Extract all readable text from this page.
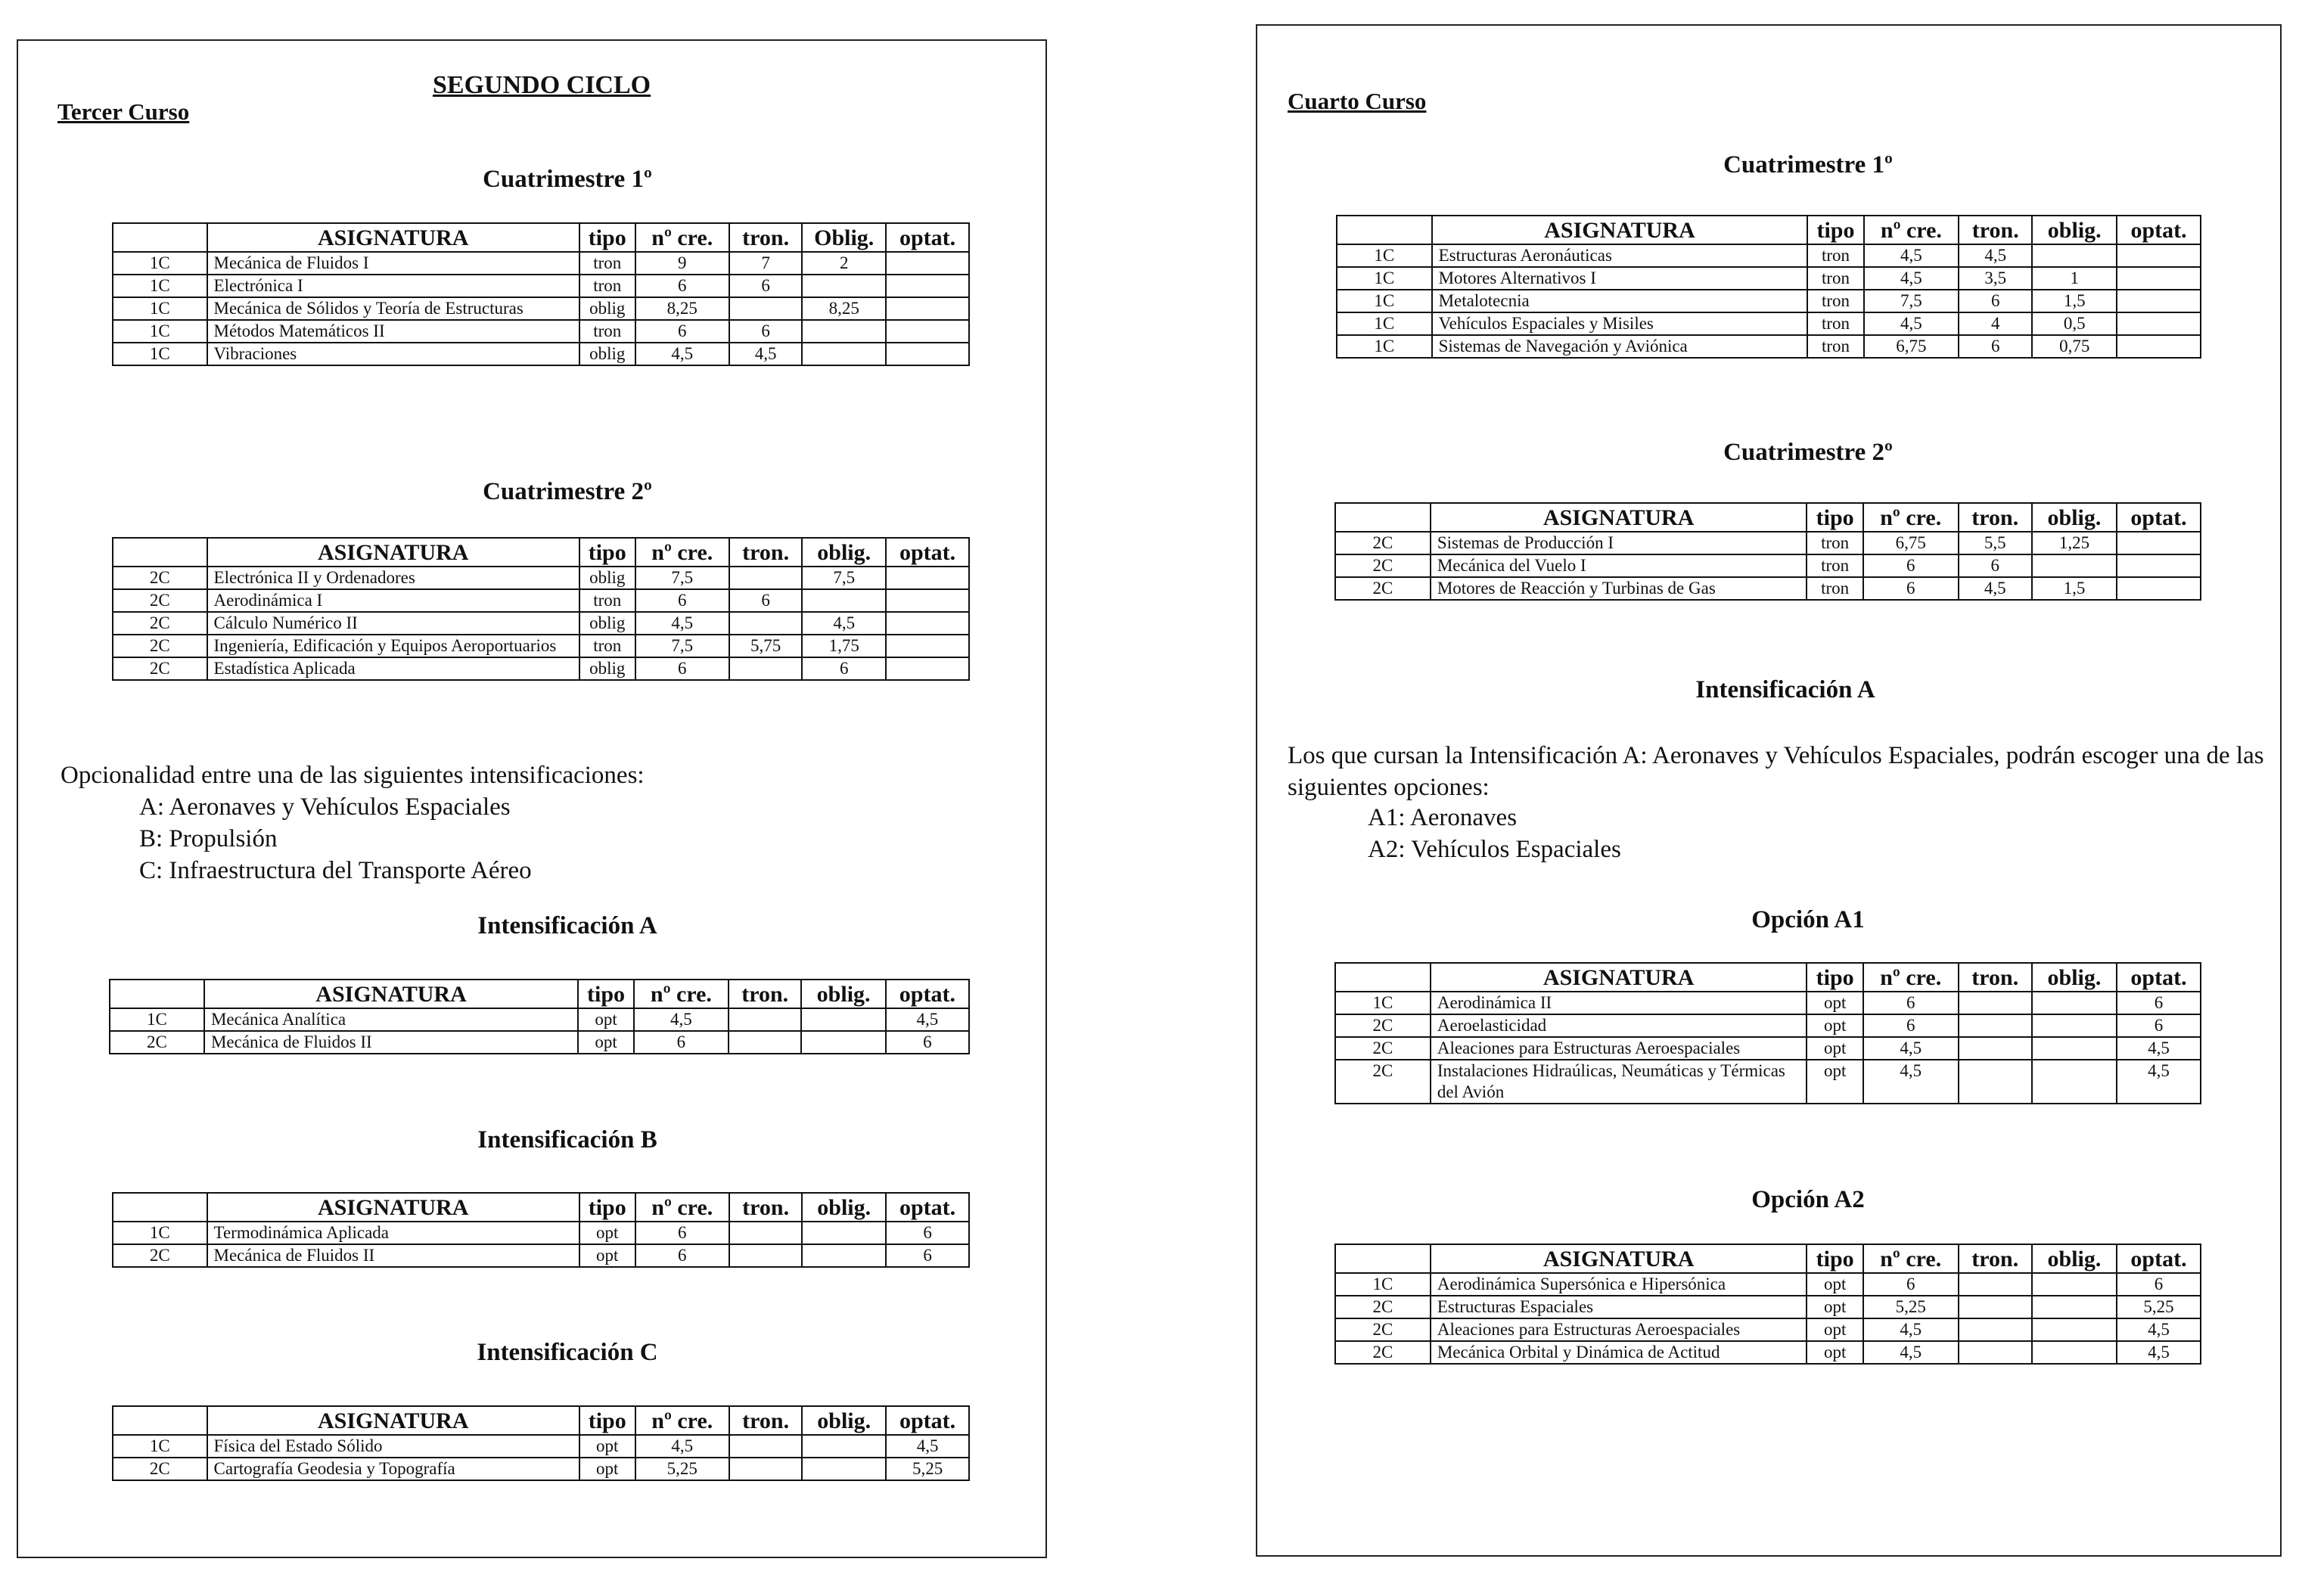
SEGUNDO CICLO
Tercer Curso
Cuatrimestre 1º
	ASIGNATURA	tipo	nº cre.	tron.	Oblig.	optat.
1C	Mecánica de Fluidos I	tron	9	7	2	
1C	Electrónica I	tron	6	6		
1C	Mecánica de Sólidos y Teoría de Estructuras	oblig	8,25		8,25	
1C	Métodos Matemáticos II	tron	6	6		
1C	Vibraciones	oblig	4,5	4,5		
Cuatrimestre 2º
	ASIGNATURA	tipo	nº cre.	tron.	oblig.	optat.
2C	Electrónica II y Ordenadores	oblig	7,5		7,5	
2C	Aerodinámica I	tron	6	6		
2C	Cálculo Numérico II	oblig	4,5		4,5	
2C	Ingeniería, Edificación y Equipos Aeroportuarios	tron	7,5	5,75	1,75	
2C	Estadística Aplicada	oblig	6		6	
Opcionalidad entre una de las siguientes intensificaciones:
A: Aeronaves y Vehículos Espaciales
B: Propulsión
C: Infraestructura del Transporte Aéreo
Intensificación A
	ASIGNATURA	tipo	nº cre.	tron.	oblig.	optat.
1C	Mecánica Analítica	opt	4,5			4,5
2C	Mecánica de Fluidos II	opt	6			6
Intensificación B
	ASIGNATURA	tipo	nº cre.	tron.	oblig.	optat.
1C	Termodinámica Aplicada	opt	6			6
2C	Mecánica de Fluidos II	opt	6			6
Intensificación C
	ASIGNATURA	tipo	nº cre.	tron.	oblig.	optat.
1C	Física del Estado Sólido	opt	4,5			4,5
2C	Cartografía Geodesia y Topografía	opt	5,25			5,25
Cuarto Curso
Cuatrimestre 1º
	ASIGNATURA	tipo	nº cre.	tron.	oblig.	optat.
1C	Estructuras Aeronáuticas	tron	4,5	4,5		
1C	Motores Alternativos I	tron	4,5	3,5	1	
1C	Metalotecnia	tron	7,5	6	1,5	
1C	Vehículos Espaciales y Misiles	tron	4,5	4	0,5	
1C	Sistemas de Navegación y Aviónica	tron	6,75	6	0,75	
Cuatrimestre 2º
	ASIGNATURA	tipo	nº cre.	tron.	oblig.	optat.
2C	Sistemas de Producción I	tron	6,75	5,5	1,25	
2C	Mecánica del Vuelo I	tron	6	6		
2C	Motores de Reacción y Turbinas de Gas	tron	6	4,5	1,5	
Intensificación A
Los que cursan la Intensificación A: Aeronaves y Vehículos Espaciales, podrán escoger una de las siguientes opciones:
A1: Aeronaves
A2: Vehículos Espaciales
Opción A1
	ASIGNATURA	tipo	nº cre.	tron.	oblig.	optat.
1C	Aerodinámica II	opt	6			6
2C	Aeroelasticidad	opt	6			6
2C	Aleaciones para Estructuras Aeroespaciales	opt	4,5			4,5
2C	Instalaciones Hidraúlicas, Neumáticas y Térmicas del Avión	opt	4,5			4,5
Opción A2
	ASIGNATURA	tipo	nº cre.	tron.	oblig.	optat.
1C	Aerodinámica Supersónica e Hipersónica	opt	6			6
2C	Estructuras Espaciales	opt	5,25			5,25
2C	Aleaciones para Estructuras Aeroespaciales	opt	4,5			4,5
2C	Mecánica Orbital y Dinámica de Actitud	opt	4,5			4,5
